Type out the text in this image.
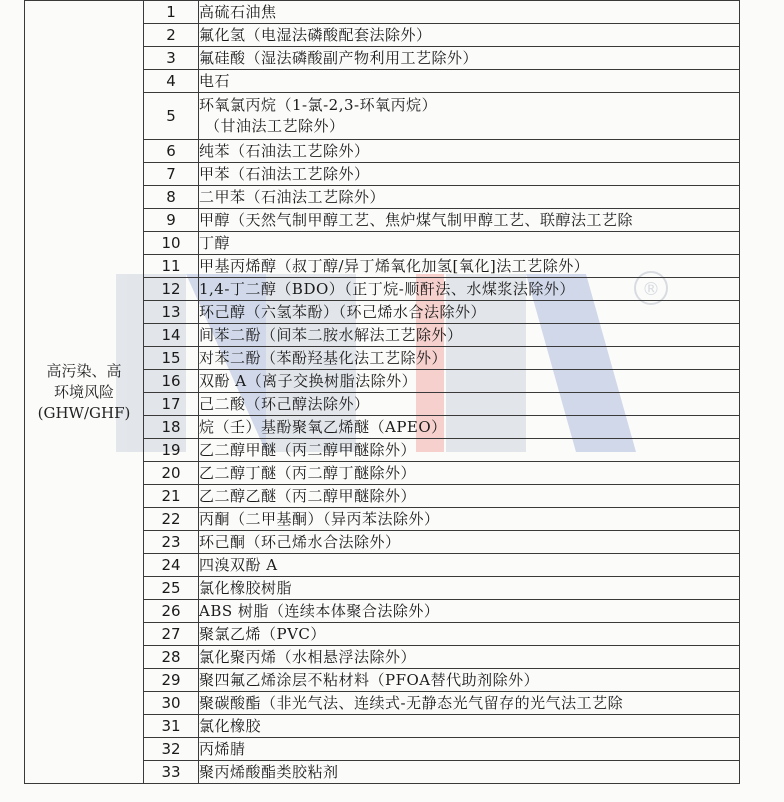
®
高污染、高
环境风险
(GHW/GHF)	1	高硫石油焦
	2	氟化氢（电湿法磷酸配套法除外）
	3	氟硅酸（湿法磷酸副产物利用工艺除外）
	4	电石
	5	环氧氯丙烷（1-氯-2,3-环氧丙烷）
（甘油法工艺除外）

	6	纯苯（石油法工艺除外）
	7	甲苯（石油法工艺除外）
	8	二甲苯（石油法工艺除外）
	9	甲醇（天然气制甲醇工艺、焦炉煤气制甲醇工艺、联醇法工艺除
	10	丁醇
	11	甲基丙烯醇（叔丁醇/异丁烯氧化加氢[氧化]法工艺除外）
	12	1,4-丁二醇（BDO）（正丁烷-顺酐法、水煤浆法除外）
	13	环己醇（六氢苯酚）（环己烯水合法除外）
	14	间苯二酚（间苯二胺水解法工艺除外）
	15	对苯二酚（苯酚羟基化法工艺除外）
	16	双酚 A（离子交换树脂法除外）
	17	己二酸（环己醇法除外）
	18	烷（壬）基酚聚氧乙烯醚（APEO）
	19	乙二醇甲醚（丙二醇甲醚除外）
	20	乙二醇丁醚（丙二醇丁醚除外）
	21	乙二醇乙醚（丙二醇甲醚除外）
	22	丙酮（二甲基酮）（异丙苯法除外）
	23	环己酮（环己烯水合法除外）
	24	四溴双酚 A
	25	氯化橡胶树脂
	26	ABS 树脂（连续本体聚合法除外）
	27	聚氯乙烯（PVC）
	28	氯化聚丙烯（水相悬浮法除外）
	29	聚四氟乙烯涂层不粘材料（PFOA替代助剂除外）
	30	聚碳酸酯（非光气法、连续式-无静态光气留存的光气法工艺除
	31	氯化橡胶
	32	丙烯腈
	33	聚丙烯酸酯类胶粘剂
